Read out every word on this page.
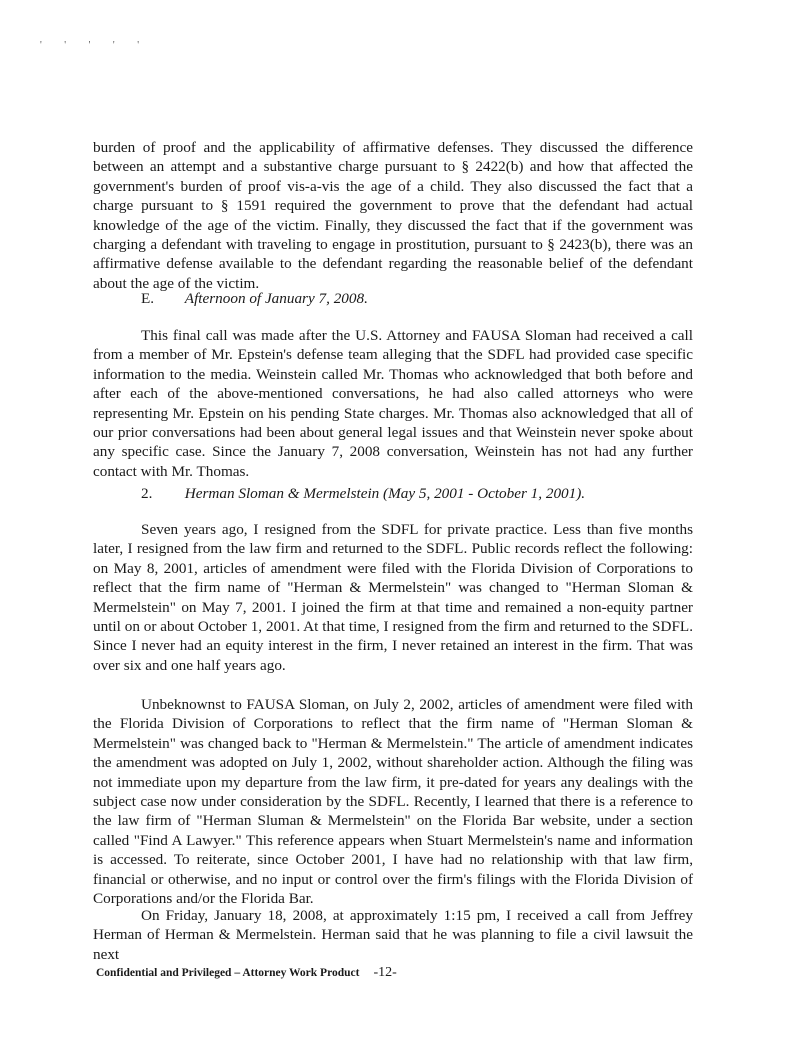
' ' ' ' '

burden of proof and the applicability of affirmative defenses. They discussed the difference between an attempt and a substantive charge pursuant to § 2422(b) and how that affected the government's burden of proof vis-a-vis the age of a child. They also discussed the fact that a charge pursuant to § 1591 required the government to prove that the defendant had actual knowledge of the age of the victim. Finally, they discussed the fact that if the government was charging a defendant with traveling to engage in prostitution, pursuant to § 2423(b), there was an affirmative defense available to the defendant regarding the reasonable belief of the defendant about the age of the victim.

E. Afternoon of January 7, 2008.

This final call was made after the U.S. Attorney and FAUSA Sloman had received a call from a member of Mr. Epstein's defense team alleging that the SDFL had provided case specific information to the media. Weinstein called Mr. Thomas who acknowledged that both before and after each of the above-mentioned conversations, he had also called attorneys who were representing Mr. Epstein on his pending State charges. Mr. Thomas also acknowledged that all of our prior conversations had been about general legal issues and that Weinstein never spoke about any specific case. Since the January 7, 2008 conversation, Weinstein has not had any further contact with Mr. Thomas.

2. Herman Sloman & Mermelstein (May 5, 2001 - October 1, 2001).

Seven years ago, I resigned from the SDFL for private practice. Less than five months later, I resigned from the law firm and returned to the SDFL. Public records reflect the following: on May 8, 2001, articles of amendment were filed with the Florida Division of Corporations to reflect that the firm name of "Herman & Mermelstein" was changed to "Herman Sloman & Mermelstein" on May 7, 2001. I joined the firm at that time and remained a non-equity partner until on or about October 1, 2001. At that time, I resigned from the firm and returned to the SDFL. Since I never had an equity interest in the firm, I never retained an interest in the firm. That was over six and one half years ago.

Unbeknownst to FAUSA Sloman, on July 2, 2002, articles of amendment were filed with the Florida Division of Corporations to reflect that the firm name of "Herman Sloman & Mermelstein" was changed back to "Herman & Mermelstein." The article of amendment indicates the amendment was adopted on July 1, 2002, without shareholder action. Although the filing was not immediate upon my departure from the law firm, it pre-dated for years any dealings with the subject case now under consideration by the SDFL. Recently, I learned that there is a reference to the law firm of "Herman Sluman & Mermelstein" on the Florida Bar website, under a section called "Find A Lawyer." This reference appears when Stuart Mermelstein's name and information is accessed. To reiterate, since October 2001, I have had no relationship with that law firm, financial or otherwise, and no input or control over the firm's filings with the Florida Division of Corporations and/or the Florida Bar.

On Friday, January 18, 2008, at approximately 1:15 pm, I received a call from Jeffrey Herman of Herman & Mermelstein. Herman said that he was planning to file a civil lawsuit the next

Confidential and Privileged – Attorney Work Product -12-
